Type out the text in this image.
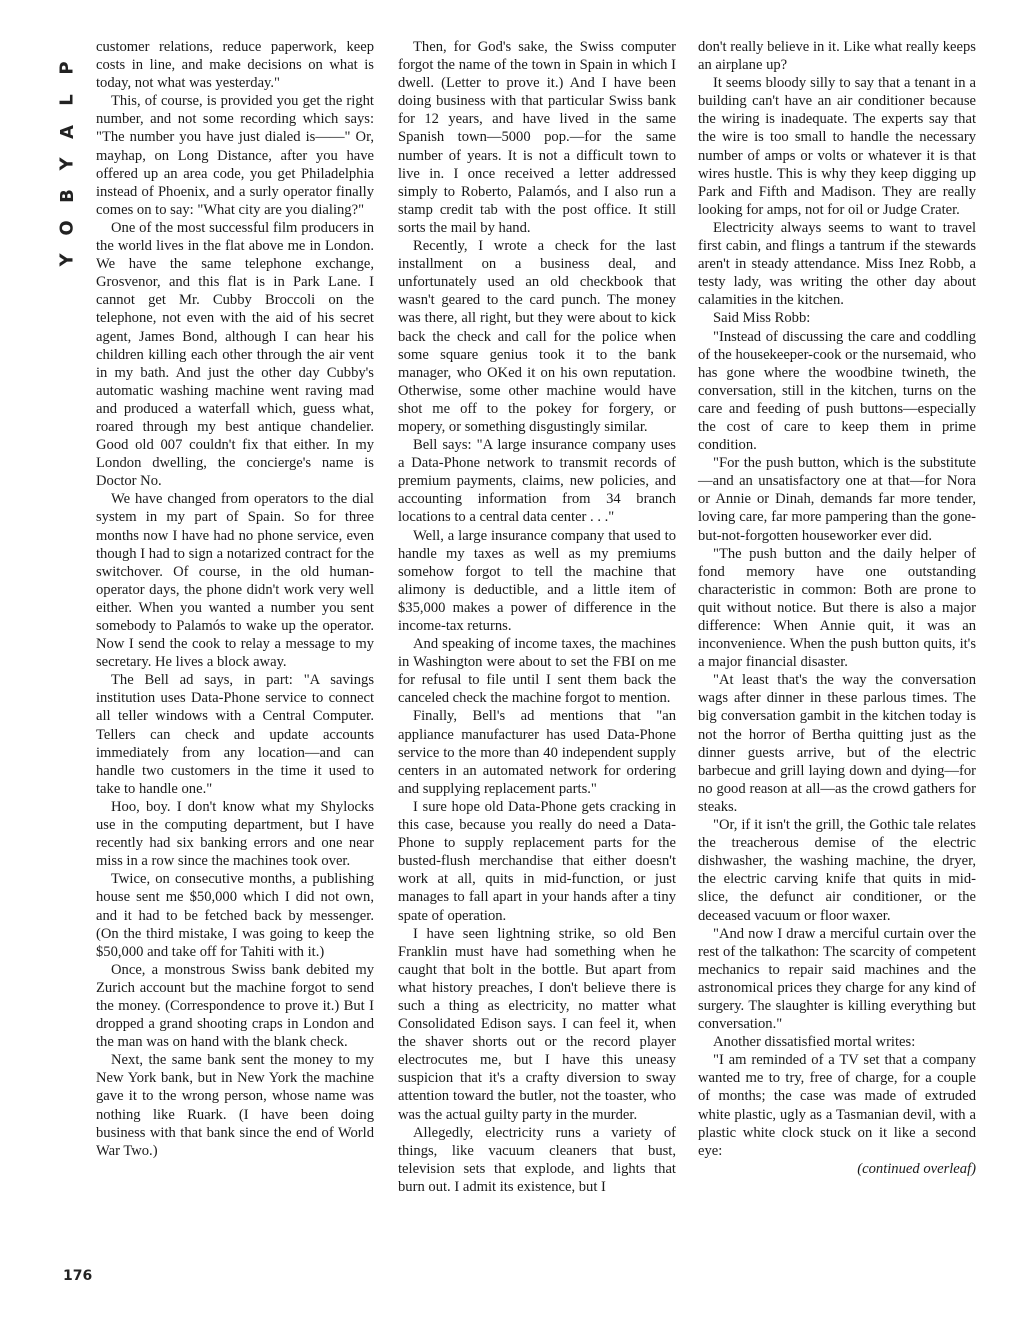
P
L
A
Y
B
O
Y

customer relations, reduce paperwork, keep costs in line, and make decisions on what is today, not what was yesterday."

This, of course, is provided you get the right number, and not some recording which says: "The number you have just dialed is——" Or, mayhap, on Long Distance, after you have offered up an area code, you get Philadelphia instead of Phoenix, and a surly operator finally comes on to say: "What city are you dialing?"

One of the most successful film producers in the world lives in the flat above me in London. We have the same telephone exchange, Grosvenor, and this flat is in Park Lane. I cannot get Mr. Cubby Broccoli on the telephone, not even with the aid of his secret agent, James Bond, although I can hear his children killing each other through the air vent in my bath. And just the other day Cubby's automatic washing machine went raving mad and produced a waterfall which, guess what, roared through my best antique chandelier. Good old 007 couldn't fix that either. In my London dwelling, the concierge's name is Doctor No.

We have changed from operators to the dial system in my part of Spain. So for three months now I have had no phone service, even though I had to sign a notarized contract for the switchover. Of course, in the old human-operator days, the phone didn't work very well either. When you wanted a number you sent somebody to Palamós to wake up the operator. Now I send the cook to relay a message to my secretary. He lives a block away.

The Bell ad says, in part: "A savings institution uses Data-Phone service to connect all teller windows with a Central Computer. Tellers can check and update accounts immediately from any location—and can handle two customers in the time it used to take to handle one."

Hoo, boy. I don't know what my Shylocks use in the computing department, but I have recently had six banking errors and one near miss in a row since the machines took over.

Twice, on consecutive months, a publishing house sent me $50,000 which I did not own, and it had to be fetched back by messenger. (On the third mistake, I was going to keep the $50,000 and take off for Tahiti with it.)

Once, a monstrous Swiss bank debited my Zurich account but the machine forgot to send the money. (Correspondence to prove it.) But I dropped a grand shooting craps in London and the man was on hand with the blank check.

Next, the same bank sent the money to my New York bank, but in New York the machine gave it to the wrong person, whose name was nothing like Ruark. (I have been doing business with that bank since the end of World War Two.)

Then, for God's sake, the Swiss computer forgot the name of the town in Spain in which I dwell. (Letter to prove it.) And I have been doing business with that particular Swiss bank for 12 years, and have lived in the same Spanish town—5000 pop.—for the same number of years. It is not a difficult town to live in. I once received a letter addressed simply to Roberto, Palamós, and I also run a stamp credit tab with the post office. It still sorts the mail by hand.

Recently, I wrote a check for the last installment on a business deal, and unfortunately used an old checkbook that wasn't geared to the card punch. The money was there, all right, but they were about to kick back the check and call for the police when some square genius took it to the bank manager, who OKed it on his own reputation. Otherwise, some other machine would have shot me off to the pokey for forgery, or mopery, or something disgustingly similar.

Bell says: "A large insurance company uses a Data-Phone network to transmit records of premium payments, claims, new policies, and accounting information from 34 branch locations to a central data center . . ."

Well, a large insurance company that used to handle my taxes as well as my premiums somehow forgot to tell the machine that alimony is deductible, and a little item of $35,000 makes a power of difference in the income-tax returns.

And speaking of income taxes, the machines in Washington were about to set the FBI on me for refusal to file until I sent them back the canceled check the machine forgot to mention.

Finally, Bell's ad mentions that "an appliance manufacturer has used Data-Phone service to the more than 40 independent supply centers in an automated network for ordering and supplying replacement parts."

I sure hope old Data-Phone gets cracking in this case, because you really do need a Data-Phone to supply replacement parts for the busted-flush merchandise that either doesn't work at all, quits in mid-function, or just manages to fall apart in your hands after a tiny spate of operation.

I have seen lightning strike, so old Ben Franklin must have had something when he caught that bolt in the bottle. But apart from what history preaches, I don't believe there is such a thing as electricity, no matter what Consolidated Edison says. I can feel it, when the shaver shorts out or the record player electrocutes me, but I have this uneasy suspicion that it's a crafty diversion to sway attention toward the butler, not the toaster, who was the actual guilty party in the murder.

Allegedly, electricity runs a variety of things, like vacuum cleaners that bust, television sets that explode, and lights that burn out. I admit its existence, but I

don't really believe in it. Like what really keeps an airplane up?

It seems bloody silly to say that a tenant in a building can't have an air conditioner because the wiring is inadequate. The experts say that the wire is too small to handle the necessary number of amps or volts or whatever it is that wires hustle. This is why they keep digging up Park and Fifth and Madison. They are really looking for amps, not for oil or Judge Crater.

Electricity always seems to want to travel first cabin, and flings a tantrum if the stewards aren't in steady attendance. Miss Inez Robb, a testy lady, was writing the other day about calamities in the kitchen.

Said Miss Robb:

"Instead of discussing the care and coddling of the housekeeper-cook or the nursemaid, who has gone where the woodbine twineth, the conversation, still in the kitchen, turns on the care and feeding of push buttons—especially the cost of care to keep them in prime condition.

"For the push button, which is the substitute—and an unsatisfactory one at that—for Nora or Annie or Dinah, demands far more tender, loving care, far more pampering than the gone-but-not-forgotten houseworker ever did.

"The push button and the daily helper of fond memory have one outstanding characteristic in common: Both are prone to quit without notice. But there is also a major difference: When Annie quit, it was an inconvenience. When the push button quits, it's a major financial disaster.

"At least that's the way the conversation wags after dinner in these parlous times. The big conversation gambit in the kitchen today is not the horror of Bertha quitting just as the dinner guests arrive, but of the electric barbecue and grill laying down and dying—for no good reason at all—as the crowd gathers for steaks.

"Or, if it isn't the grill, the Gothic tale relates the treacherous demise of the electric dishwasher, the washing machine, the dryer, the electric carving knife that quits in mid-slice, the defunct air conditioner, or the deceased vacuum or floor waxer.

"And now I draw a merciful curtain over the rest of the talkathon: The scarcity of competent mechanics to repair said machines and the astronomical prices they charge for any kind of surgery. The slaughter is killing everything but conversation."

Another dissatisfied mortal writes:

"I am reminded of a TV set that a company wanted me to try, free of charge, for a couple of months; the case was made of extruded white plastic, ugly as a Tasmanian devil, with a plastic white clock stuck on it like a second eye:

(continued overleaf)

176
